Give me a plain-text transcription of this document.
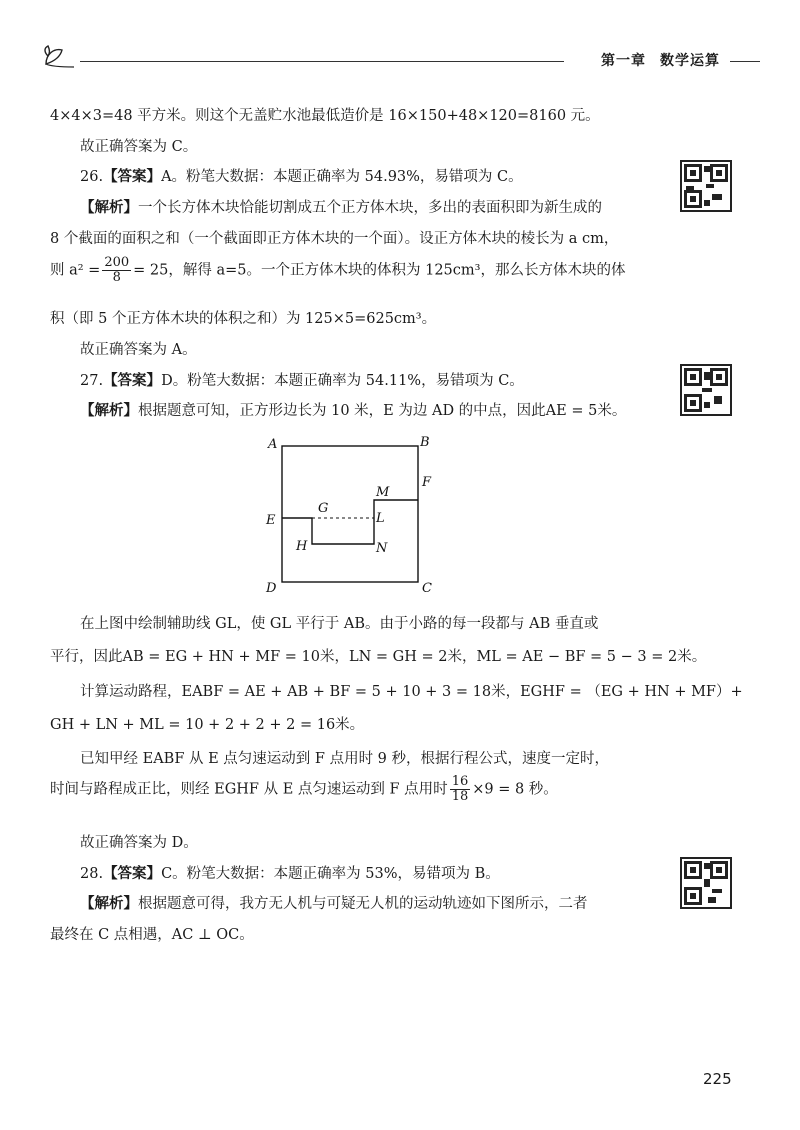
第一章 数学运算
4×4×3=48 平方米。则这个无盖贮水池最低造价是 16×150+48×120=8160 元。
故正确答案为 C。
26.【答案】A。粉笔大数据：本题正确率为 54.93%，易错项为 C。
【解析】一个长方体木块恰能切割成五个正方体木块，多出的表面积即为新生成的
8 个截面的面积之和（一个截面即正方体木块的一个面）。设正方体木块的棱长为 a cm，
则 $a^2 = \frac{200}{8} = 25$，解得 a=5。一个正方体木块的体积为 125cm³，那么长方体木块的体
积（即 5 个正方体木块的体积之和）为 125×5=625cm³。
故正确答案为 A。
27.【答案】D。粉笔大数据：本题正确率为 54.11%，易错项为 C。
【解析】根据题意可知，正方形边长为 10 米，E 为边 AD 的中点，因此AE = 5米。
A	B
C
D
E
F
G
H
L
M
N
在上图中绘制辅助线 GL，使 GL 平行于 AB。由于小路的每一段都与 AB 垂直或
平行，因此AB = EG + HN + MF = 10米，LN = GH = 2米，ML = AE − BF = 5 − 3 = 2米。
计算运动路程，EABF = AE + AB + BF = 5 + 10 + 3 = 18米，EGHF = （EG + HN + MF）+
GH + LN + ML = 10 + 2 + 2 + 2 = 16米。
已知甲经 EABF 从 E 点匀速运动到 F 点用时 9 秒，根据行程公式，速度一定时，
时间与路程成正比，则经 EGHF 从 E 点匀速运动到 F 点用时 $\frac{16}{18} \times 9 = 8$ 秒。
故正确答案为 D。
28.【答案】C。粉笔大数据：本题正确率为 53%，易错项为 B。
【解析】根据题意可得，我方无人机与可疑无人机的运动轨迹如下图所示，二者
最终在 C 点相遇，AC ⊥ OC。
225
